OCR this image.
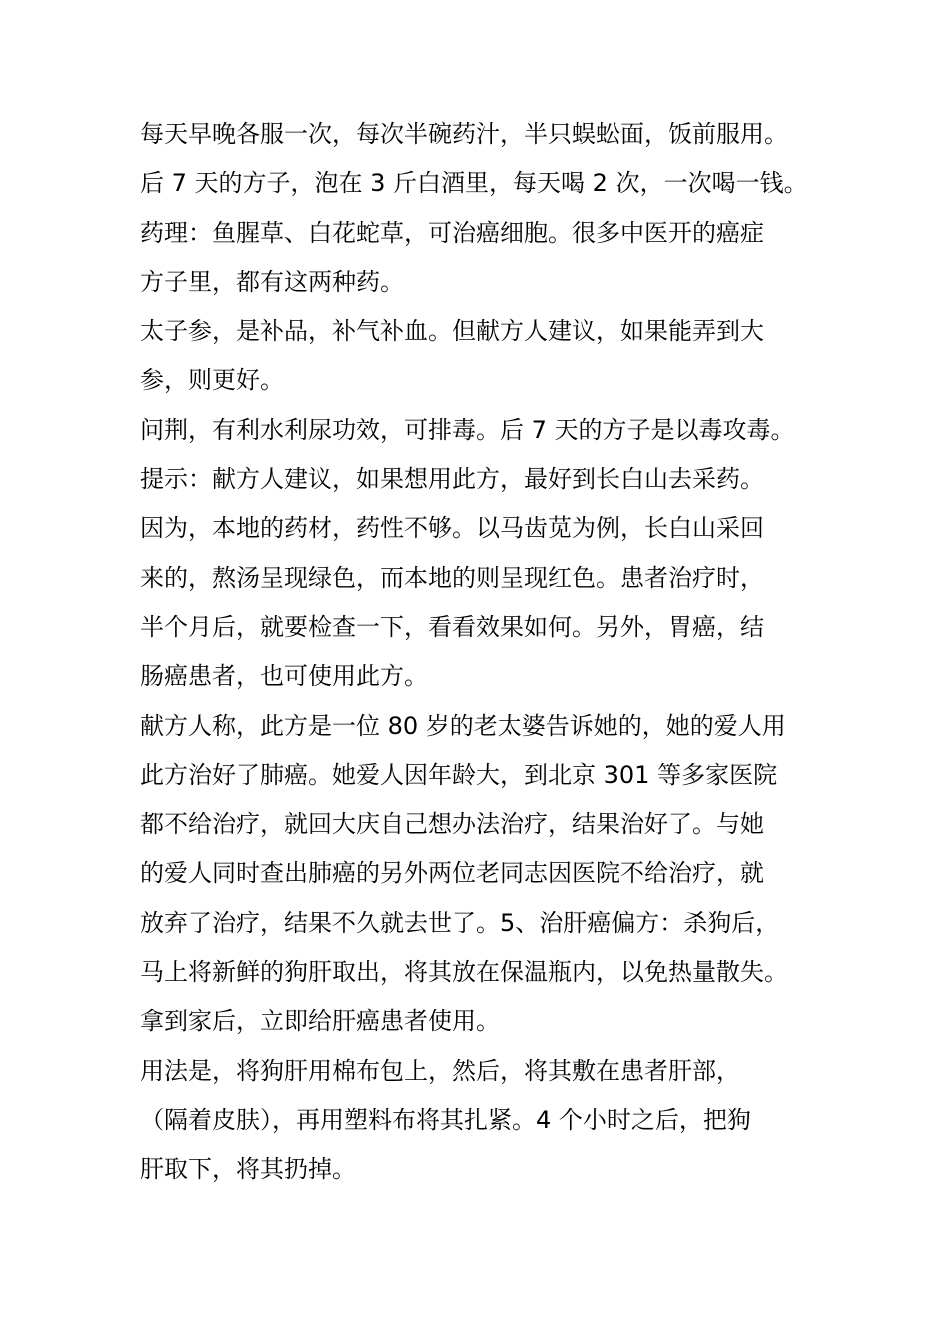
每天早晚各服一次，每次半碗药汁，半只蜈蚣面，饭前服用。
后 7 天的方子，泡在 3 斤白酒里，每天喝 2 次，一次喝一钱。
药理：鱼腥草、白花蛇草，可治癌细胞。很多中医开的癌症
方子里，都有这两种药。
太子参，是补品，补气补血。但献方人建议，如果能弄到大
参，则更好。
问荆，有利水利尿功效，可排毒。后 7 天的方子是以毒攻毒。
提示：献方人建议，如果想用此方，最好到长白山去采药。
因为，本地的药材，药性不够。以马齿苋为例，长白山采回
来的，熬汤呈现绿色，而本地的则呈现红色。患者治疗时，
半个月后，就要检查一下，看看效果如何。另外，胃癌，结
肠癌患者，也可使用此方。
献方人称，此方是一位 80 岁的老太婆告诉她的，她的爱人用
此方治好了肺癌。她爱人因年龄大，到北京 301 等多家医院
都不给治疗，就回大庆自己想办法治疗，结果治好了。与她
的爱人同时查出肺癌的另外两位老同志因医院不给治疗，就
放弃了治疗，结果不久就去世了。5、治肝癌偏方：杀狗后，
马上将新鲜的狗肝取出，将其放在保温瓶内，以免热量散失。
拿到家后，立即给肝癌患者使用。
用法是，将狗肝用棉布包上，然后，将其敷在患者肝部，
（隔着皮肤），再用塑料布将其扎紧。4 个小时之后，把狗
肝取下，将其扔掉。
